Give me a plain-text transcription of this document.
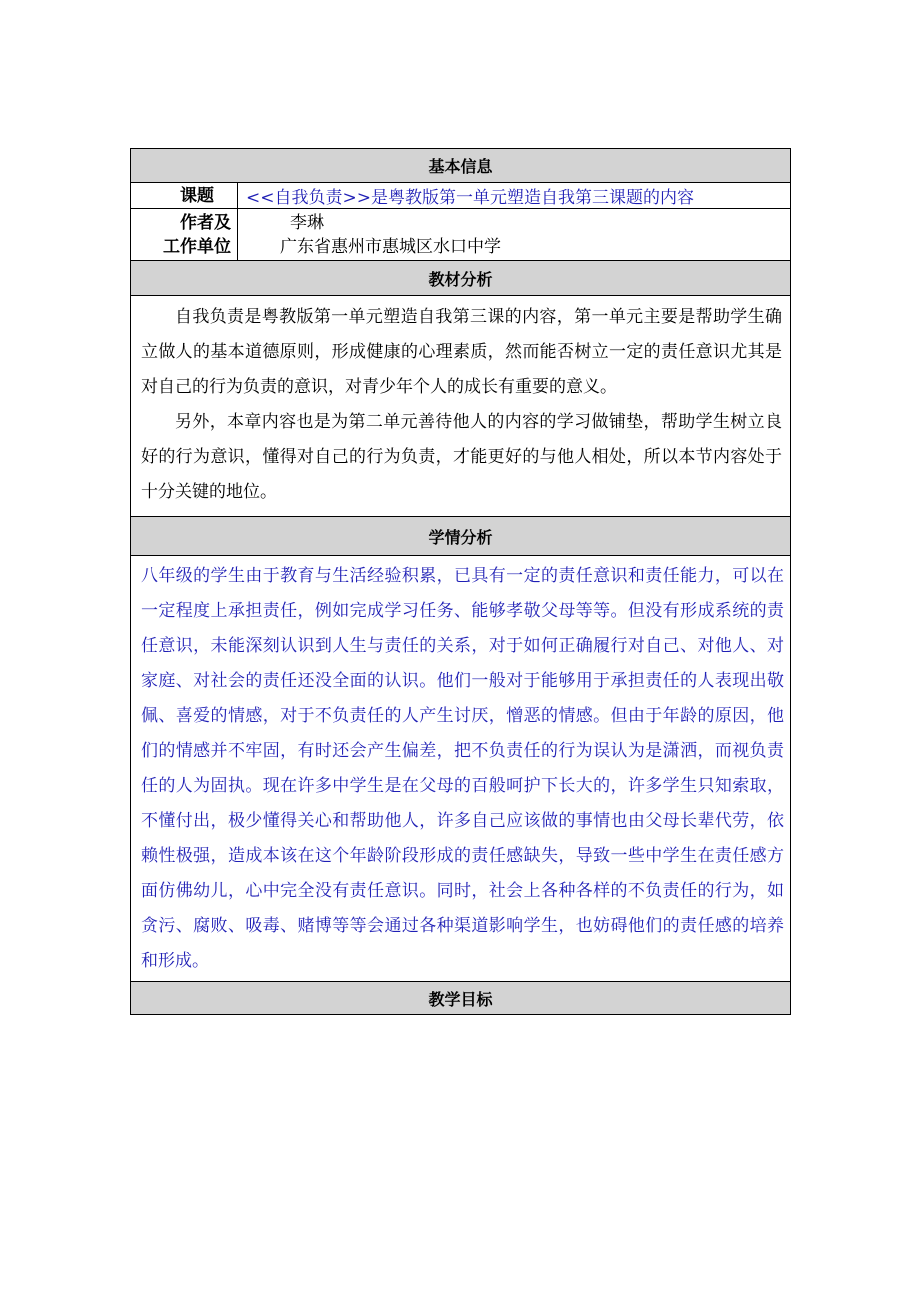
基本信息	
课题	<<自我负责>>是粤教版第一单元塑造自我第三课题的内容

作者及
工作单位	李琳
广东省惠州市惠城区水口中学

教材分析	

自我负责是粤教版第一单元塑造自我第三课的内容，第一单元主要是帮助学生确立做人的基本道德原则，形成健康的心理素质，然而能否树立一定的责任意识尤其是对自己的行为负责的意识，对青少年个人的成长有重要的意义。

另外，本章内容也是为第二单元善待他人的内容的学习做铺垫，帮助学生树立良好的行为意识，懂得对自己的行为负责，才能更好的与他人相处，所以本节内容处于十分关键的地位。	

学情分析	
八年级的学生由于教育与生活经验积累，已具有一定的责任意识和责任能力，可以在一定程度上承担责任，例如完成学习任务、能够孝敬父母等等。但没有形成系统的责任意识，未能深刻认识到人生与责任的关系，对于如何正确履行对自己、对他人、对家庭、对社会的责任还没全面的认识。他们一般对于能够用于承担责任的人表现出敬佩、喜爱的情感，对于不负责任的人产生讨厌，憎恶的情感。但由于年龄的原因，他们的情感并不牢固，有时还会产生偏差，把不负责任的行为误认为是潇洒，而视负责任的人为固执。现在许多中学生是在父母的百般呵护下长大的，许多学生只知索取，不懂付出，极少懂得关心和帮助他人，许多自己应该做的事情也由父母长辈代劳，依赖性极强，造成本该在这个年龄阶段形成的责任感缺失，导致一些中学生在责任感方面仿佛幼儿，心中完全没有责任意识。同时，社会上各种各样的不负责任的行为，如贪污、腐败、吸毒、赌博等等会通过各种渠道影响学生，也妨碍他们的责任感的培养和形成。	
教学目标	
